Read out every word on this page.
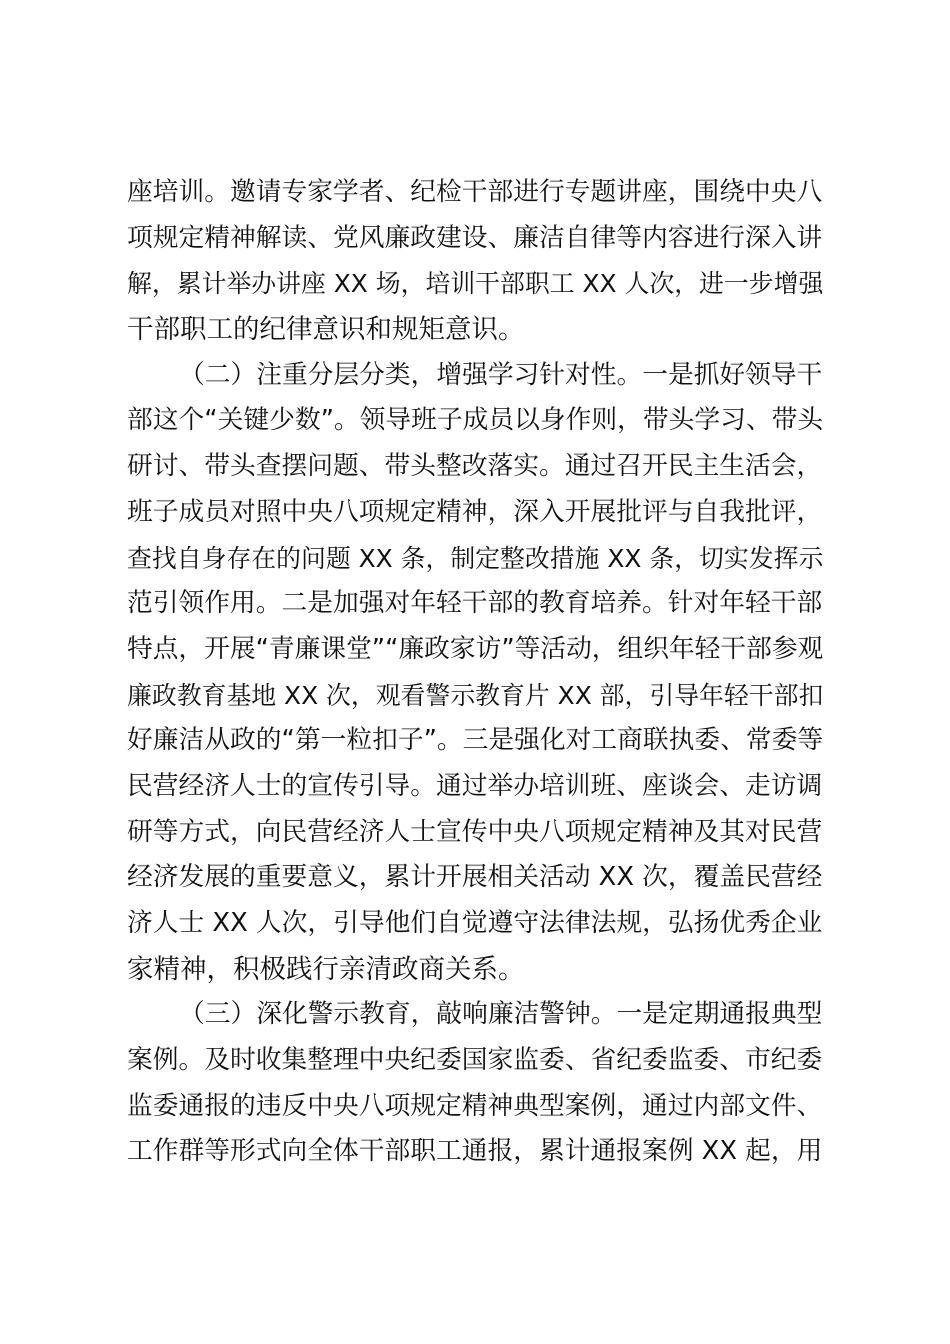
座培训。邀请专家学者、纪检干部进行专题讲座，围绕中央八
项规定精神解读、党风廉政建设、廉洁自律等内容进行深入讲
解，累计举办讲座 XX 场，培训干部职工 XX 人次，进一步增强
干部职工的纪律意识和规矩意识。
（二）注重分层分类，增强学习针对性。一是抓好领导干
部这个“关键少数”。领导班子成员以身作则，带头学习、带头
研讨、带头查摆问题、带头整改落实。通过召开民主生活会，
班子成员对照中央八项规定精神，深入开展批评与自我批评，
查找自身存在的问题 XX 条，制定整改措施 XX 条，切实发挥示
范引领作用。二是加强对年轻干部的教育培养。针对年轻干部
特点，开展“青廉课堂”“廉政家访”等活动，组织年轻干部参观
廉政教育基地 XX 次，观看警示教育片 XX 部，引导年轻干部扣
好廉洁从政的“第一粒扣子”。三是强化对工商联执委、常委等
民营经济人士的宣传引导。通过举办培训班、座谈会、走访调
研等方式，向民营经济人士宣传中央八项规定精神及其对民营
经济发展的重要意义，累计开展相关活动 XX 次，覆盖民营经
济人士 XX 人次，引导他们自觉遵守法律法规，弘扬优秀企业
家精神，积极践行亲清政商关系。
（三）深化警示教育，敲响廉洁警钟。一是定期通报典型
案例。及时收集整理中央纪委国家监委、省纪委监委、市纪委
监委通报的违反中央八项规定精神典型案例，通过内部文件、
工作群等形式向全体干部职工通报，累计通报案例 XX 起，用
